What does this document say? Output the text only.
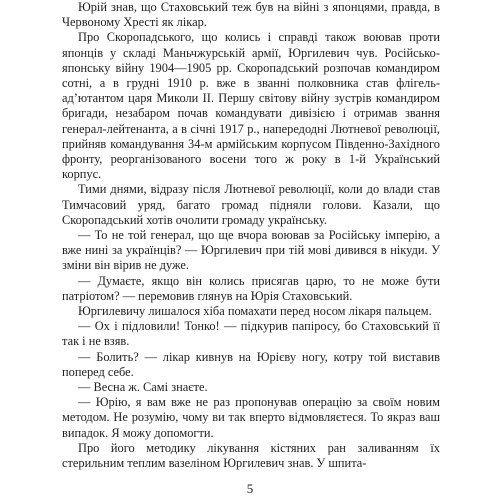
Юрій знав, що Стаховський теж був на війні з японцями, правда, в Червоному Хресті як лікар.

Про Скоропадського, що колись і справді також воював проти японців у складі Маньчжурській армії, Юргилевич чув. Російсько-японську війну 1904—1905 рр. Скоропадський розпочав командиром сотні, а в грудні 1910 р. вже в званні полковника став флігель-ад’ютантом царя Миколи ІІ. Першу світову війну зустрів командиром бригади, незабаром почав командувати дивізією і отримав звання генерал-лейтенанта, а в січні 1917 р., напередодні Лютневої революції, прийняв командування 34-м армійським корпусом Південно-Західного фронту, реорганізованого восени того ж року в 1-й Український корпус.

Тими днями, відразу після Лютневої революції, коли до влади став Тимчасовий уряд, багато громад підняли голови. Казали, що Скоропадський хотів очолити громаду українську.

— То не той генерал, що ще вчора воював за Російську імперію, а вже нині за українців? — Юргилевич при тій мові дивився в нікуди. У зміни він вірив не дуже.

— Думаєте, якщо він колись присягав царю, то не може бути патріотом? — перемовив глянув на Юрія Стаховський.

Юргилевичу лишалося хіба помахати перед носом лікаря пальцем.

— Ох і підловили! Тонко! — підкурив папіросу, бо Стаховський її так і не взяв.

— Болить? — лікар кивнув на Юрієву ногу, котру той виставив поперед себе.

— Весна ж. Самі знаєте.

— Юрію, я вам вже не раз пропонував операцію за своїм новим методом. Не розумію, чому ви так вперто відмовляєтеся. То якраз ваш випадок. Я можу допомогти.

Про його методику лікування кістяних ран заливанням їх стерильним теплим вазеліном Юргилевич знав. У шпита-

5
